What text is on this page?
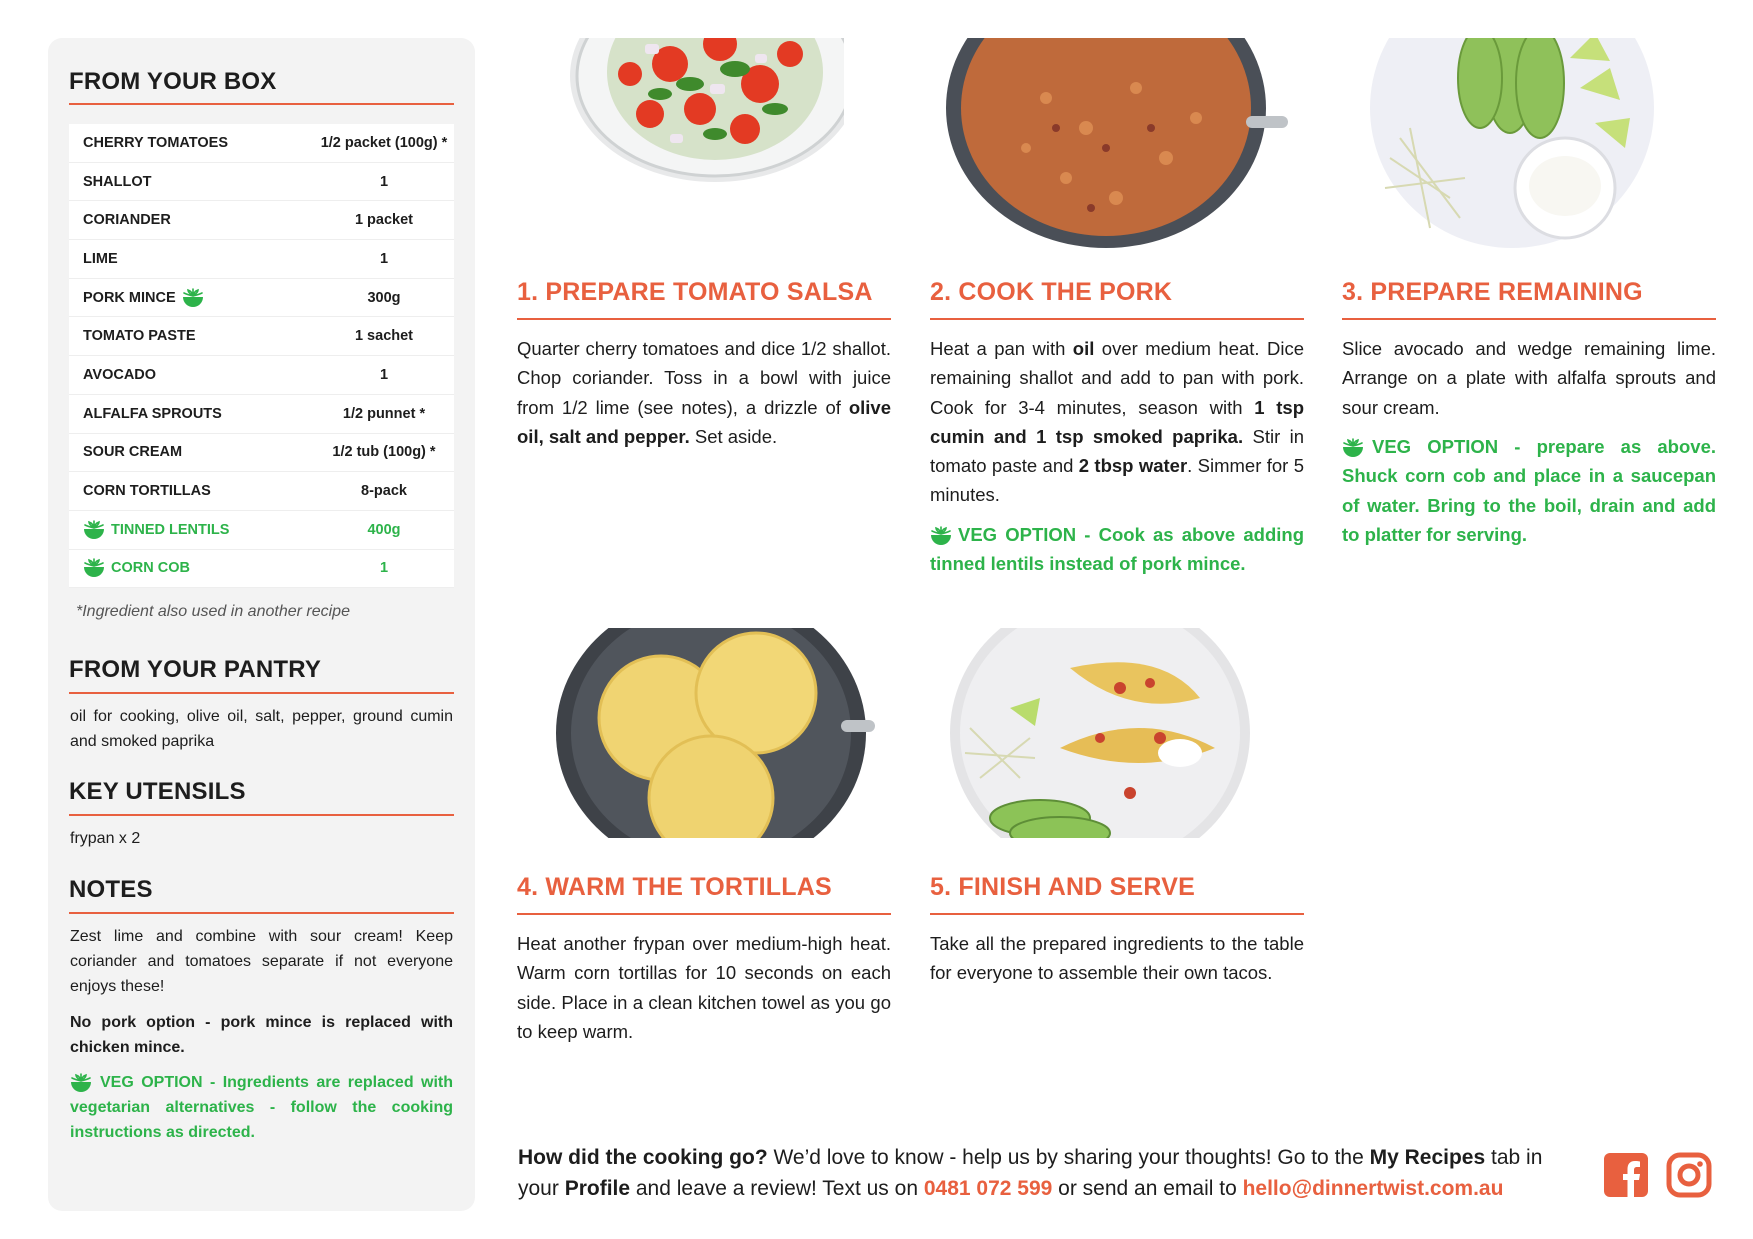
FROM YOUR BOX
CHERRY TOMATOES	1/2 packet (100g) *
SHALLOT	1
CORIANDER	1 packet
LIME	1
PORK MINCE	300g
TOMATO PASTE	1 sachet
AVOCADO	1
ALFALFA SPROUTS	1/2 punnet *
SOUR CREAM	1/2 tub (100g) *
CORN TORTILLAS	8-pack
TINNED LENTILS	400g
CORN COB	1
*Ingredient also used in another recipe
FROM YOUR PANTRY
oil for cooking, olive oil, salt, pepper, ground cumin and smoked paprika
KEY UTENSILS
frypan x 2
NOTES
Zest lime and combine with sour cream! Keep coriander and tomatoes separate if not everyone enjoys these!
No pork option - pork mince is replaced with chicken mince.
VEG OPTION - Ingredients are replaced with vegetarian alternatives - follow the cooking instructions as directed.
1. PREPARE TOMATO SALSA
Quarter cherry tomatoes and dice 1/2 shallot. Chop coriander. Toss in a bowl with juice from 1/2 lime (see notes), a drizzle of olive oil, salt and pepper. Set aside.
2. COOK THE PORK
Heat a pan with oil over medium heat. Dice remaining shallot and add to pan with pork. Cook for 3-4 minutes, season with 1 tsp cumin and 1 tsp smoked paprika. Stir in tomato paste and 2 tbsp water. Simmer for 5 minutes.
VEG OPTION - Cook as above adding tinned lentils instead of pork mince.
3. PREPARE REMAINING
Slice avocado and wedge remaining lime. Arrange on a plate with alfalfa sprouts and sour cream.
VEG OPTION - prepare as above. Shuck corn cob and place in a saucepan of water. Bring to the boil, drain and add to platter for serving.
4. WARM THE TORTILLAS
Heat another frypan over medium-high heat. Warm corn tortillas for 10 seconds on each side. Place in a clean kitchen towel as you go to keep warm.
5. FINISH AND SERVE
Take all the prepared ingredients to the table for everyone to assemble their own tacos.
How did the cooking go? We’d love to know - help us by sharing your thoughts! Go to the My Recipes tab in your Profile and leave a review! Text us on 0481 072 599 or send an email to hello@dinnertwist.com.au
